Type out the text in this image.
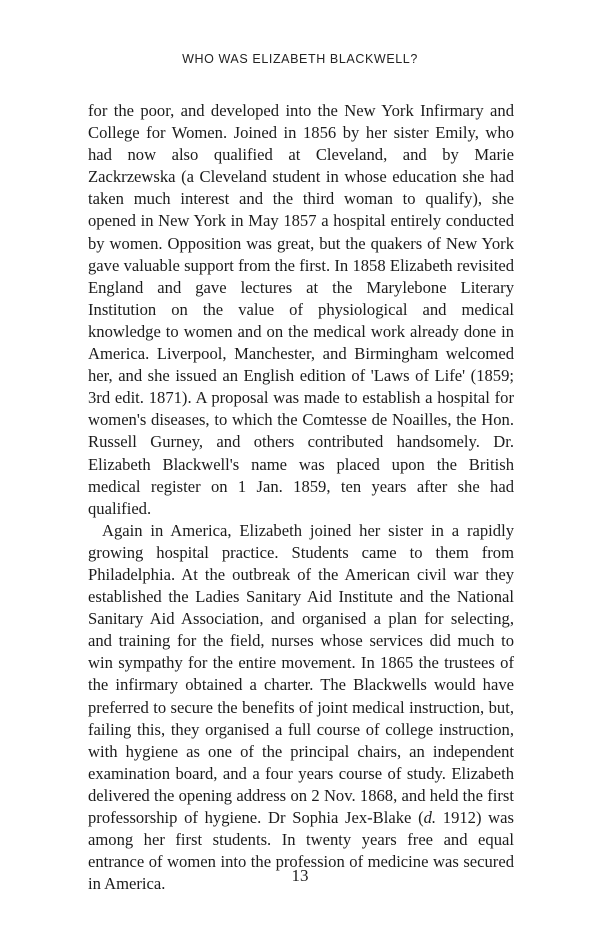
WHO WAS ELIZABETH BLACKWELL?

for the poor, and developed into the New York Infirmary and College for Women. Joined in 1856 by her sister Emily, who had now also qualified at Cleveland, and by Marie Zackrzewska (a Cleveland student in whose education she had taken much interest and the third woman to qualify), she opened in New York in May 1857 a hospital entirely conducted by women. Opposition was great, but the quakers of New York gave valuable support from the first. In 1858 Elizabeth revisited England and gave lectures at the Marylebone Literary Institution on the value of physiological and medical knowledge to women and on the medical work already done in America. Liverpool, Manchester, and Birmingham welcomed her, and she issued an English edition of 'Laws of Life' (1859; 3rd edit. 1871). A proposal was made to establish a hospital for women's diseases, to which the Comtesse de Noailles, the Hon. Russell Gurney, and others contributed handsomely. Dr. Elizabeth Blackwell's name was placed upon the British medical register on 1 Jan. 1859, ten years after she had qualified.

Again in America, Elizabeth joined her sister in a rapidly growing hospital practice. Students came to them from Philadelphia. At the outbreak of the American civil war they established the Ladies Sanitary Aid Institute and the National Sanitary Aid Association, and organised a plan for selecting, and training for the field, nurses whose services did much to win sympathy for the entire movement. In 1865 the trustees of the infirmary obtained a charter. The Blackwells would have preferred to secure the benefits of joint medical instruction, but, failing this, they organised a full course of college instruction, with hygiene as one of the principal chairs, an independent examination board, and a four years course of study. Elizabeth delivered the opening address on 2 Nov. 1868, and held the first professorship of hygiene. Dr Sophia Jex-Blake (d. 1912) was among her first students. In twenty years free and equal entrance of women into the profession of medicine was secured in America.	13
